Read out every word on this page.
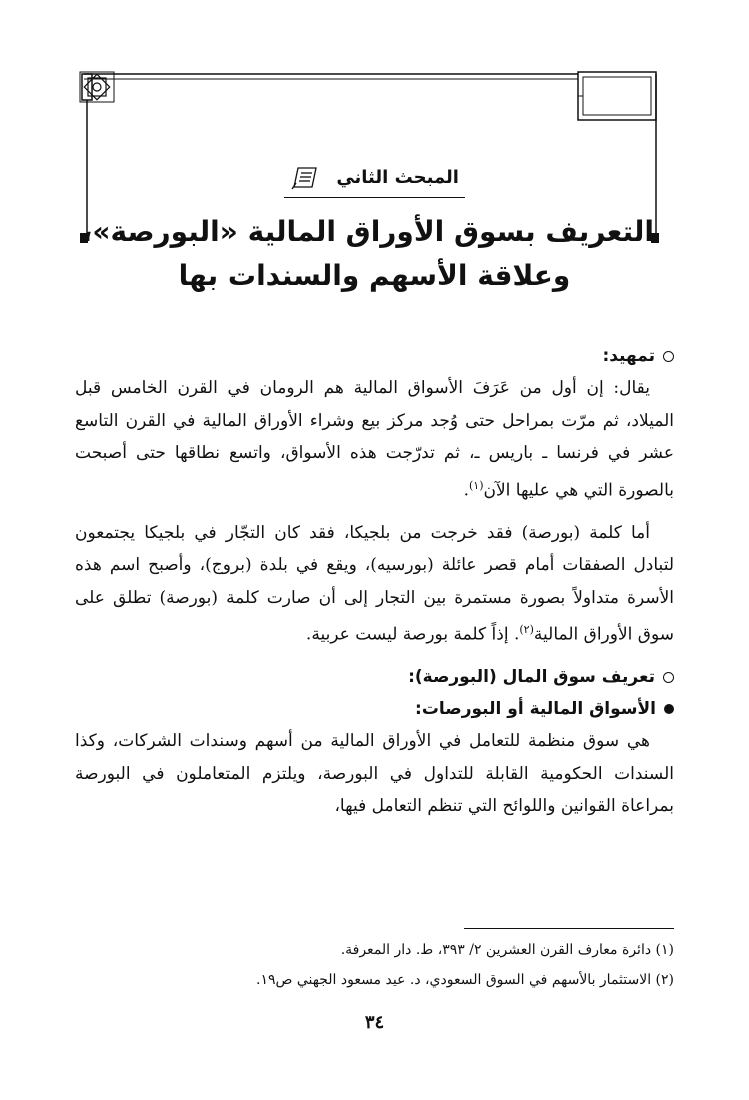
المبحث الثاني
التعريف بسوق الأوراق المالية «البورصة»،
وعلاقة الأسهم والسندات بها
تمهيد:

يقال: إن أول من عَرَفَ الأسواق المالية هم الرومان في القرن الخامس قبل الميلاد، ثم مرّت بمراحل حتى وُجد مركز بيع وشراء الأوراق المالية في القرن التاسع عشر في فرنسا ـ باريس ـ، ثم تدرّجت هذه الأسواق، واتسع نطاقها حتى أصبحت بالصورة التي هي عليها الآن$^{(١)}$.

أما كلمة (بورصة) فقد خرجت من بلجيكا، فقد كان التجّار في بلجيكا يجتمعون لتبادل الصفقات أمام قصر عائلة (بورسيه)، ويقع في بلدة (بروج)، وأصبح اسم هذه الأسرة متداولاً بصورة مستمرة بين التجار إلى أن صارت كلمة (بورصة) تطلق على سوق الأوراق المالية$^{(٢)}$. إذاً كلمة بورصة ليست عربية.

تعريف سوق المال (البورصة):
الأسواق المالية أو البورصات:

هي سوق منظمة للتعامل في الأوراق المالية من أسهم وسندات الشركات، وكذا السندات الحكومية القابلة للتداول في البورصة، ويلتزم المتعاملون في البورصة بمراعاة القوانين واللوائح التي تنظم التعامل فيها،

(١) دائرة معارف القرن العشرين ٢/ ٣٩٣، ط. دار المعرفة.
(٢) الاستثمار بالأسهم في السوق السعودي، د. عيد مسعود الجهني ص١٩.
٣٤
